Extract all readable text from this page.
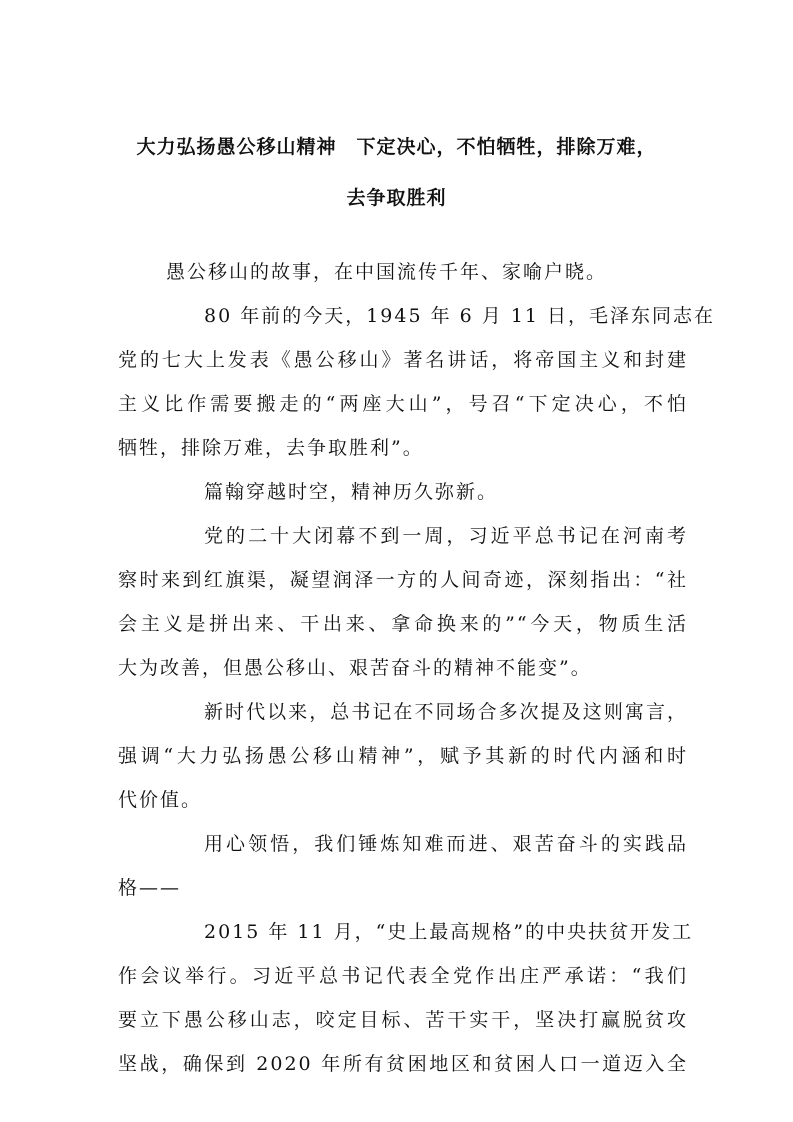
大力弘扬愚公移山精神　下定决心，不怕牺牲，排除万难，
去争取胜利
愚公移山的故事，在中国流传千年、家喻户晓。
80 年前的今天，1945 年 6 月 11 日，毛泽东同志在
党的七大上发表《愚公移山》著名讲话，将帝国主义和封建
主义比作需要搬走的“两座大山”，号召“下定决心，不怕
牺牲，排除万难，去争取胜利”。
篇翰穿越时空，精神历久弥新。
党的二十大闭幕不到一周，习近平总书记在河南考
察时来到红旗渠，凝望润泽一方的人间奇迹，深刻指出：“社
会主义是拼出来、干出来、拿命换来的”“今天，物质生活
大为改善，但愚公移山、艰苦奋斗的精神不能变”。
新时代以来，总书记在不同场合多次提及这则寓言，
强调“大力弘扬愚公移山精神”，赋予其新的时代内涵和时
代价值。
用心领悟，我们锤炼知难而进、艰苦奋斗的实践品
格——
2015 年 11 月，“史上最高规格”的中央扶贫开发工
作会议举行。习近平总书记代表全党作出庄严承诺：“我们
要立下愚公移山志，咬定目标、苦干实干，坚决打赢脱贫攻
坚战，确保到 2020 年所有贫困地区和贫困人口一道迈入全
